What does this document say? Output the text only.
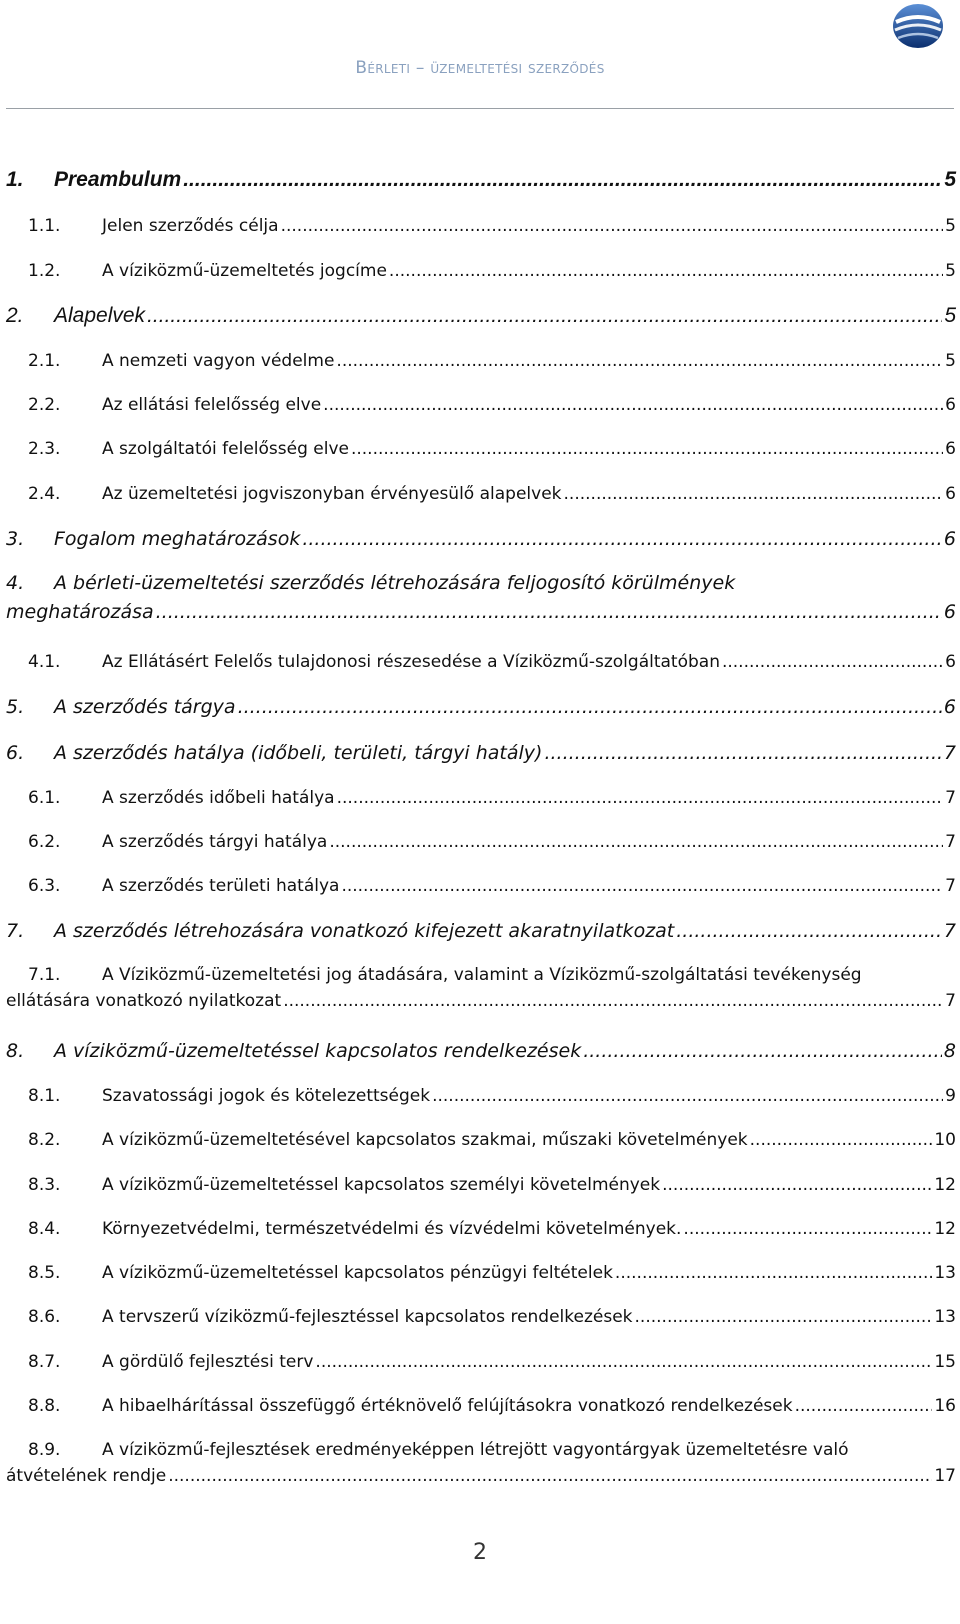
Bérleti – üzemeltetési szerződés
1.	Preambulum .....	5
1.1.	Jelen szerződés célja .....	5
1.2.	A víziközmű-üzemeltetés jogcíme .....	5
2.	Alapelvek .....	5
2.1.	A nemzeti vagyon védelme .....	5
2.2.	Az ellátási felelősség elve .....	6
2.3.	A szolgáltatói felelősség elve .....	6
2.4.	Az üzemeltetési jogviszonyban érvényesülő alapelvek .....	6
3.	Fogalom meghatározások .....	6
4.	A bérleti-üzemeltetési szerződés létrehozására feljogosító körülmények
meghatározása .....	6
4.1.	Az Ellátásért Felelős tulajdonosi részesedése a Víziközmű-szolgáltatóban .....	6
5.	A szerződés tárgya .....	6
6.	A szerződés hatálya (időbeli, területi, tárgyi hatály) .....	7
6.1.	A szerződés időbeli hatálya .....	7
6.2.	A szerződés tárgyi hatálya .....	7
6.3.	A szerződés területi hatálya .....	7
7.	A szerződés létrehozására vonatkozó kifejezett akaratnyilatkozat .....	7
7.1.	A Víziközmű-üzemeltetési jog átadására, valamint a Víziközmű-szolgáltatási tevékenység
ellátására vonatkozó nyilatkozat .....	7
8.	A víziközmű-üzemeltetéssel kapcsolatos rendelkezések .....	8
8.1.	Szavatossági jogok és kötelezettségek .....	9
8.2.	A víziközmű-üzemeltetésével kapcsolatos szakmai, műszaki követelmények .....	10
8.3.	A víziközmű-üzemeltetéssel kapcsolatos személyi követelmények .....	12
8.4.	Környezetvédelmi, természetvédelmi és vízvédelmi követelmények. .....	12
8.5.	A víziközmű-üzemeltetéssel kapcsolatos pénzügyi feltételek .....	13
8.6.	A tervszerű víziközmű-fejlesztéssel kapcsolatos rendelkezések .....	13
8.7.	A gördülő fejlesztési terv .....	15
8.8.	A hibaelhárítással összefüggő értéknövelő felújításokra vonatkozó rendelkezések .....	16
8.9.	A víziközmű-fejlesztések eredményeképpen létrejött vagyontárgyak üzemeltetésre való
átvételének rendje .....	17
2
